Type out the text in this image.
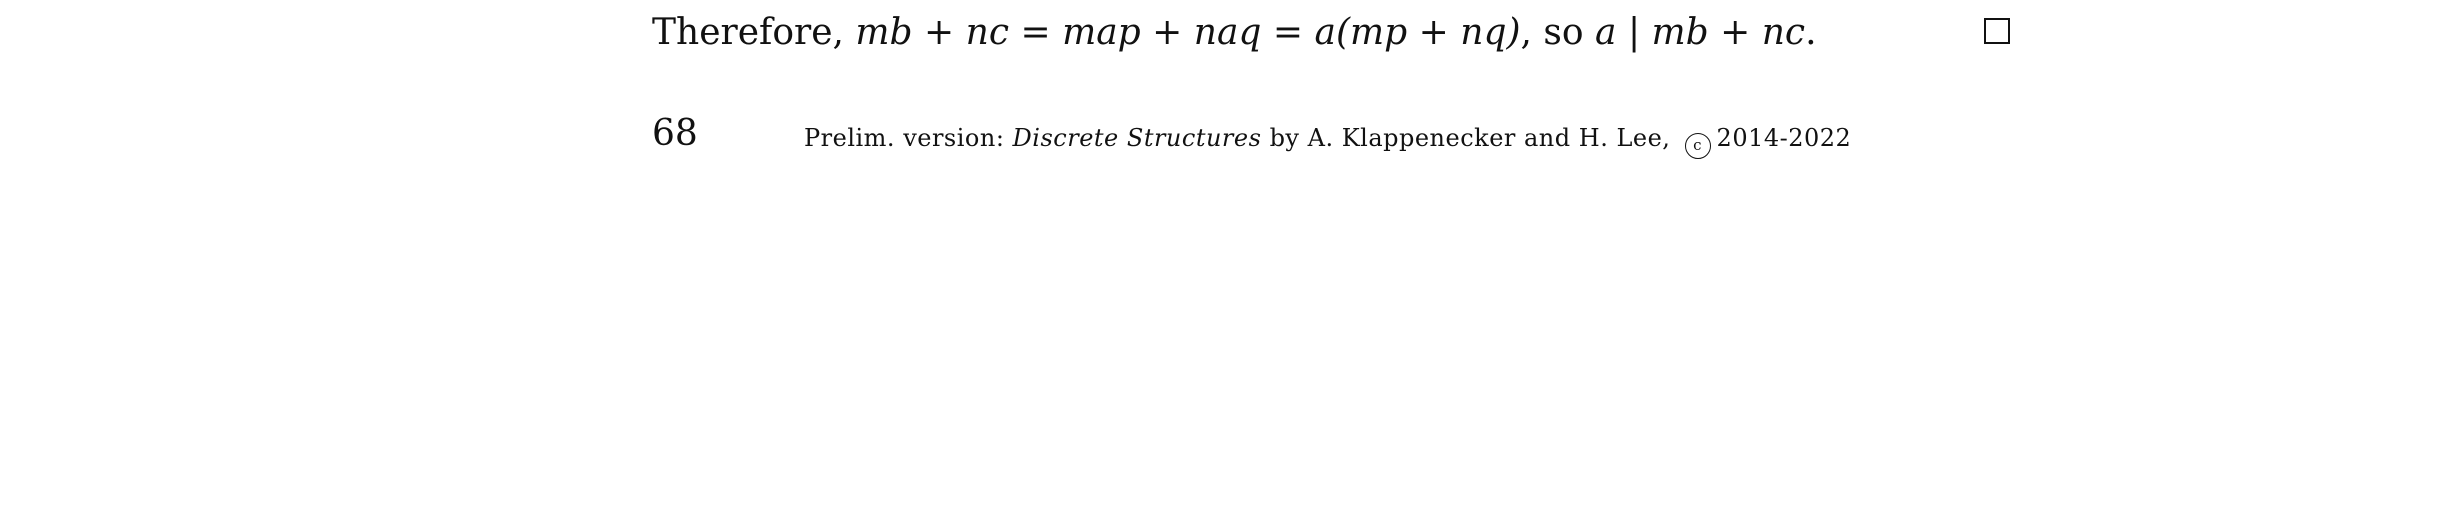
Therefore, mb + nc = map + naq = a(mp + nq), so a | mb + nc.
68	Prelim. version: Discrete Structures by A. Klappenecker and H. Lee, c 2014-2022
